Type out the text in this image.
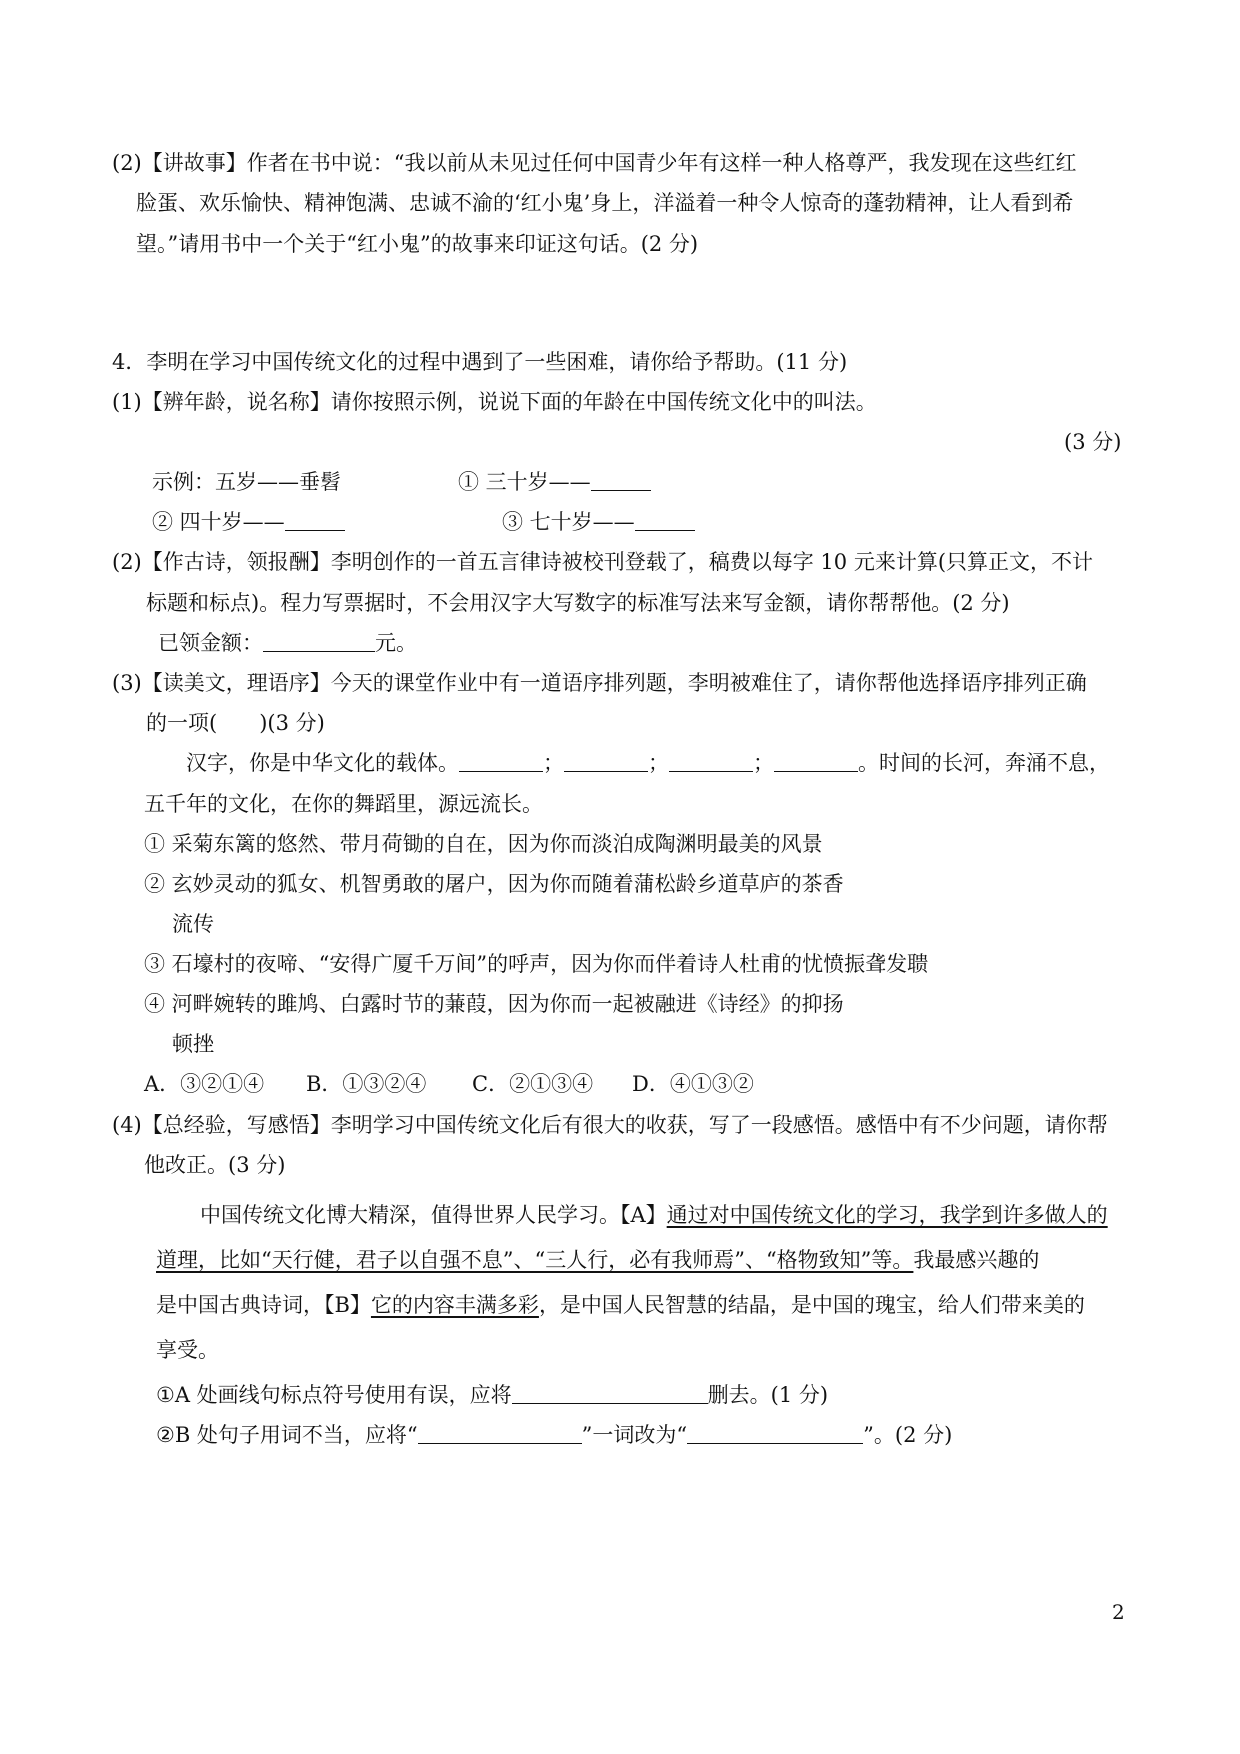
(2)【讲故事】作者在书中说：“我以前从未见过任何中国青少年有这样一种人格尊严，我发现在这些红红
脸蛋、欢乐愉快、精神饱满、忠诚不渝的‘红小鬼’身上，洋溢着一种令人惊奇的蓬勃精神，让人看到希
望。”请用书中一个关于“红小鬼”的故事来印证这句话。(2 分)
4．李明在学习中国传统文化的过程中遇到了一些困难，请你给予帮助。(11 分)
(1)【辨年龄，说名称】请你按照示例，说说下面的年龄在中国传统文化中的叫法。
(3 分)
示例：五岁——垂髫	① 三十岁——
② 四十岁——	③ 七十岁——
(2)【作古诗，领报酬】李明创作的一首五言律诗被校刊登载了，稿费以每字 10 元来计算(只算正文，不计
标题和标点)。程力写票据时，不会用汉字大写数字的标准写法来写金额，请你帮帮他。(2 分)
已领金额：	元。
(3)【读美文，理语序】今天的课堂作业中有一道语序排列题，李明被难住了，请你帮他选择语序排列正确
的一项(　　)(3 分)
汉字，你是中华文化的载体。	；	；	；	。时间的长河，奔涌不息，
五千年的文化，在你的舞蹈里，源远流长。
① 采菊东篱的悠然、带月荷锄的自在，因为你而淡泊成陶渊明最美的风景
② 玄妙灵动的狐女、机智勇敢的屠户，因为你而随着蒲松龄乡道草庐的茶香
流传
③ 石壕村的夜啼、“安得广厦千万间”的呼声，因为你而伴着诗人杜甫的忧愤振聋发聩
④ 河畔婉转的雎鸠、白露时节的蒹葭，因为你而一起被融进《诗经》的抑扬
顿挫
A．③②①④ B．①③②④ C．②①③④ D．④①③②
(4)【总经验，写感悟】李明学习中国传统文化后有很大的收获，写了一段感悟。感悟中有不少问题，请你帮
他改正。(3 分)
中国传统文化博大精深，值得世界人民学习。【A】通过对中国传统文化的学习，我学到许多做人的
道理，比如“天行健，君子以自强不息”、“三人行，必有我师焉”、“格物致知”等。我最感兴趣的
是中国古典诗词，【B】它的内容丰满多彩，是中国人民智慧的结晶，是中国的瑰宝，给人们带来美的
享受。
①A 处画线句标点符号使用有误，应将	删去。(1 分)
②B 处句子用词不当，应将“	”一词改为“	”。(2 分)
2
